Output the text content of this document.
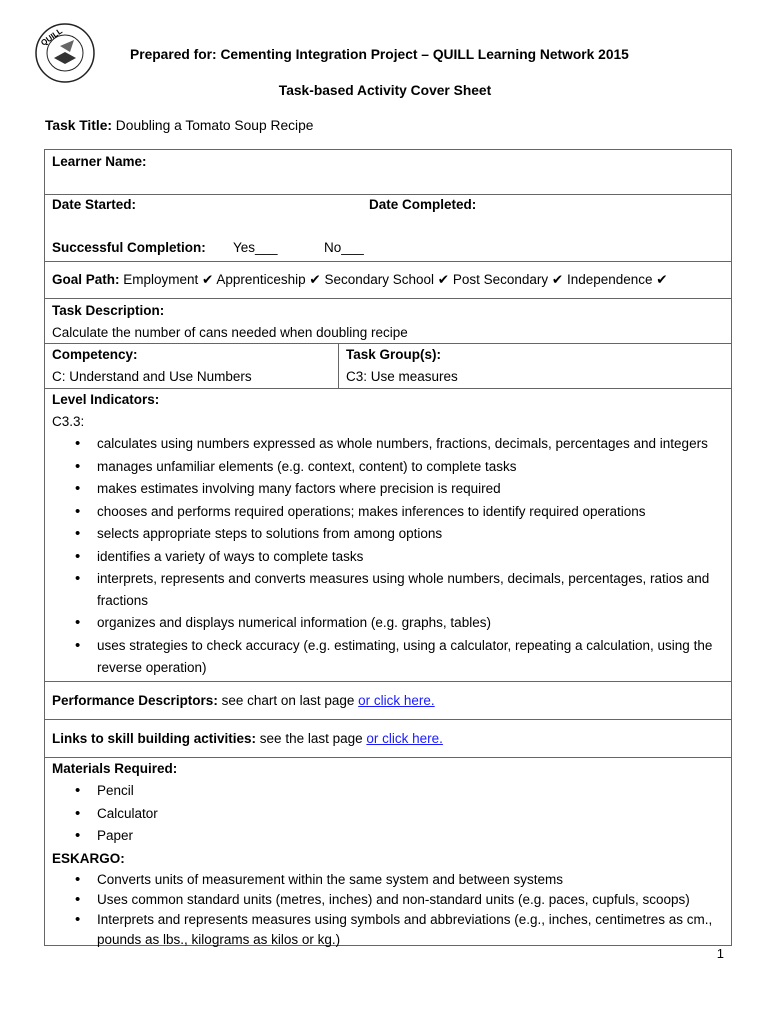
QUILL
Prepared for: Cementing Integration Project – QUILL Learning Network 2015
Task-based Activity Cover Sheet
Task Title: Doubling a Tomato Soup Recipe
Learner Name:
Date Started:
Goal Path: Employment ✔ Apprenticeship ✔ Secondary School ✔ Post Secondary ✔ Independence ✔
Task Description:
Calculate the number of cans needed when doubling recipe
Competency:
C: Understand and Use Numbers
Task Group(s):
C3: Use measures
Level Indicators:
C3.3:
• calculates using numbers expressed as whole numbers, fractions, decimals, percentages and integers
• manages unfamiliar elements (e.g. context, content) to complete tasks
• makes estimates involving many factors where precision is required
• chooses and performs required operations; makes inferences to identify required operations
• selects appropriate steps to solutions from among options
• identifies a variety of ways to complete tasks
• interprets, represents and converts measures using whole numbers, decimals, percentages, ratios and fractions
• organizes and displays numerical information (e.g. graphs, tables)
• uses strategies to check accuracy (e.g. estimating, using a calculator, repeating a calculation, using the reverse operation)
Performance Descriptors: see chart on last page or click here.
Links to skill building activities: see the last page or click here.
Materials Required:
• Pencil
• Calculator
• Paper
ESKARGO:
• Converts units of measurement within the same system and between systems
• Uses common standard units (metres, inches) and non-standard units (e.g. paces, cupfuls, scoops)
• Interprets and represents measures using symbols and abbreviations (e.g., inches, centimetres as cm., pounds as lbs., kilograms as kilos or kg.)
Date Completed:
Successful Completion: Yes___	No___
1
